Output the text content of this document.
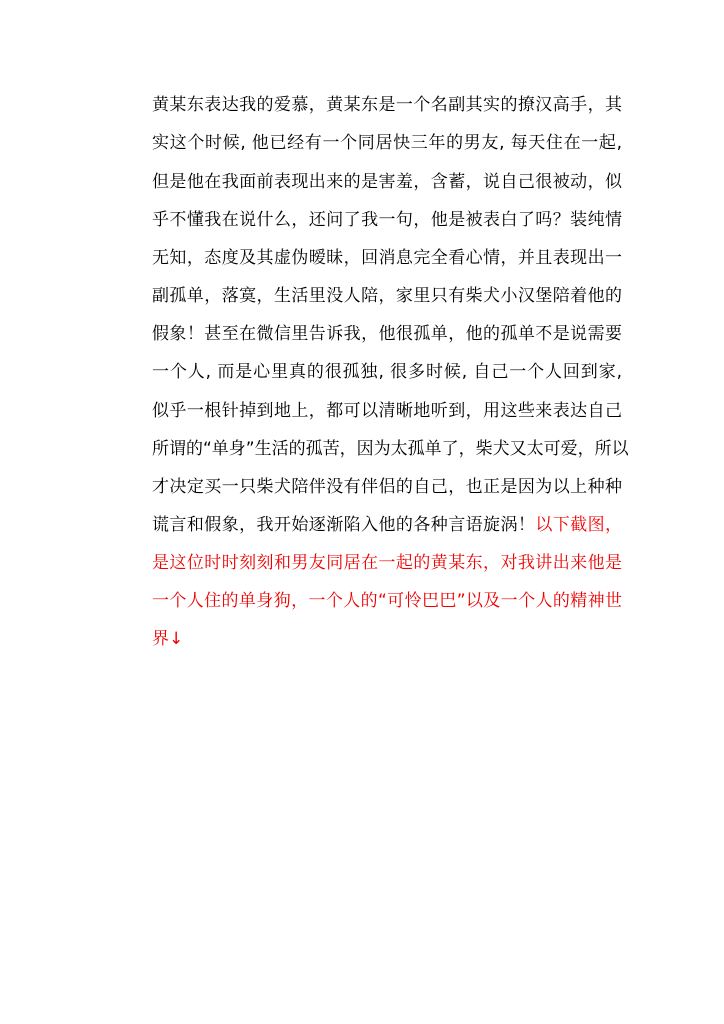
黄某东表达我的爱慕，黄某东是一个名副其实的撩汉高手，其
实这个时候, 他已经有一个同居快三年的男友, 每天住在一起,
但是他在我面前表现出来的是害羞，含蓄，说自己很被动，似
乎不懂我在说什么，还问了我一句，他是被表白了吗？装纯情
无知，态度及其虚伪暧昧，回消息完全看心情，并且表现出一
副孤单，落寞，生活里没人陪，家里只有柴犬小汉堡陪着他的
假象！甚至在微信里告诉我，他很孤单，他的孤单不是说需要
一个人, 而是心里真的很孤独, 很多时候, 自己一个人回到家,
似乎一根针掉到地上，都可以清晰地听到，用这些来表达自己
所谓的“单身”生活的孤苦，因为太孤单了，柴犬又太可爱，所以
才决定买一只柴犬陪伴没有伴侣的自己，也正是因为以上种种
谎言和假象，我开始逐渐陷入他的各种言语旋涡！以下截图，
是这位时时刻刻和男友同居在一起的黄某东，对我讲出来他是
一个人住的单身狗，一个人的“可怜巴巴”以及一个人的精神世
界↓
